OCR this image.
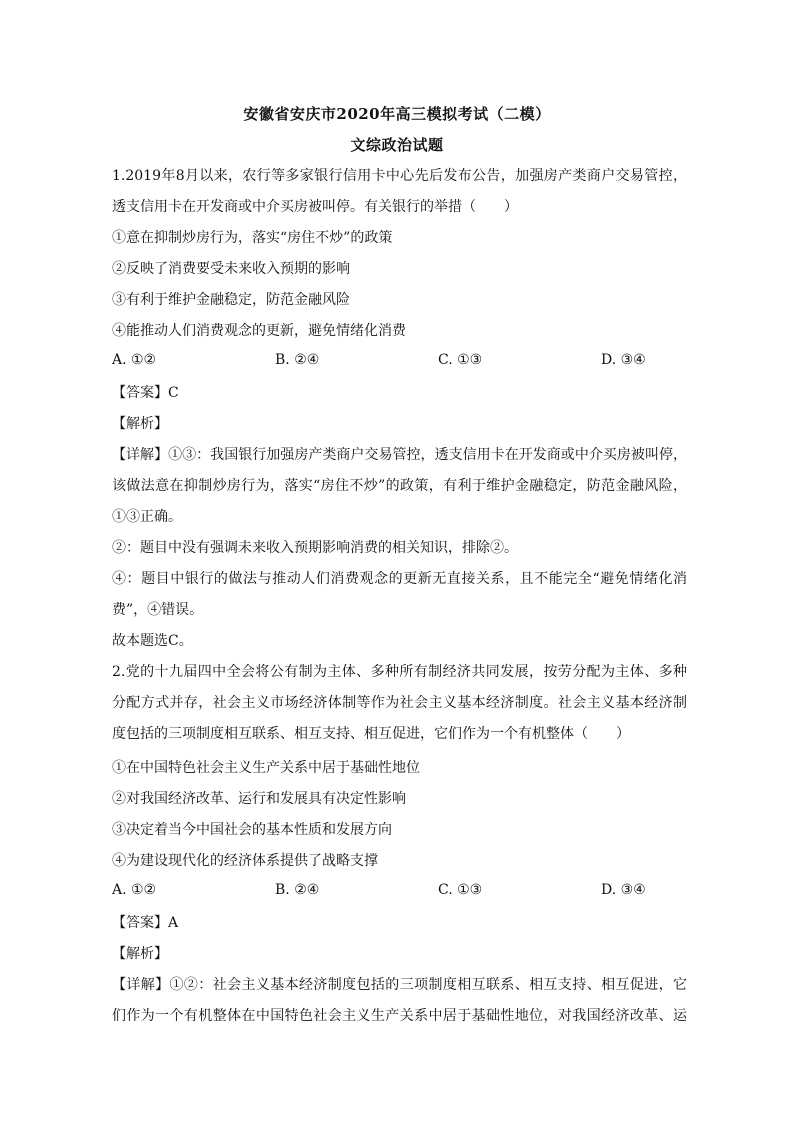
安徽省安庆市2020年高三模拟考试（二模）
文综政治试题
1.2019年8月以来，农行等多家银行信用卡中心先后发布公告，加强房产类商户交易管控，
透支信用卡在开发商或中介买房被叫停。有关银行的举措（　　）
①意在抑制炒房行为，落实“房住不炒”的政策
②反映了消费要受未来收入预期的影响
③有利于维护金融稳定，防范金融风险
④能推动人们消费观念的更新，避免情绪化消费
A. ①②	B. ②④	C. ①③	D. ③④
【答案】C
【解析】
【详解】①③：我国银行加强房产类商户交易管控，透支信用卡在开发商或中介买房被叫停，
该做法意在抑制炒房行为，落实“房住不炒”的政策，有利于维护金融稳定，防范金融风险，
①③正确。
②：题目中没有强调未来收入预期影响消费的相关知识，排除②。
④：题目中银行的做法与推动人们消费观念的更新无直接关系，且不能完全“避免情绪化消
费”，④错误。
故本题选C。
2.党的十九届四中全会将公有制为主体、多种所有制经济共同发展，按劳分配为主体、多种
分配方式并存，社会主义市场经济体制等作为社会主义基本经济制度。社会主义基本经济制
度包括的三项制度相互联系、相互支持、相互促进，它们作为一个有机整体（　　）
①在中国特色社会主义生产关系中居于基础性地位
②对我国经济改革、运行和发展具有决定性影响
③决定着当今中国社会的基本性质和发展方向
④为建设现代化的经济体系提供了战略支撑
A. ①②	B. ②④	C. ①③	D. ③④
【答案】A
【解析】
【详解】①②：社会主义基本经济制度包括的三项制度相互联系、相互支持、相互促进，它
们作为一个有机整体在中国特色社会主义生产关系中居于基础性地位，对我国经济改革、运
